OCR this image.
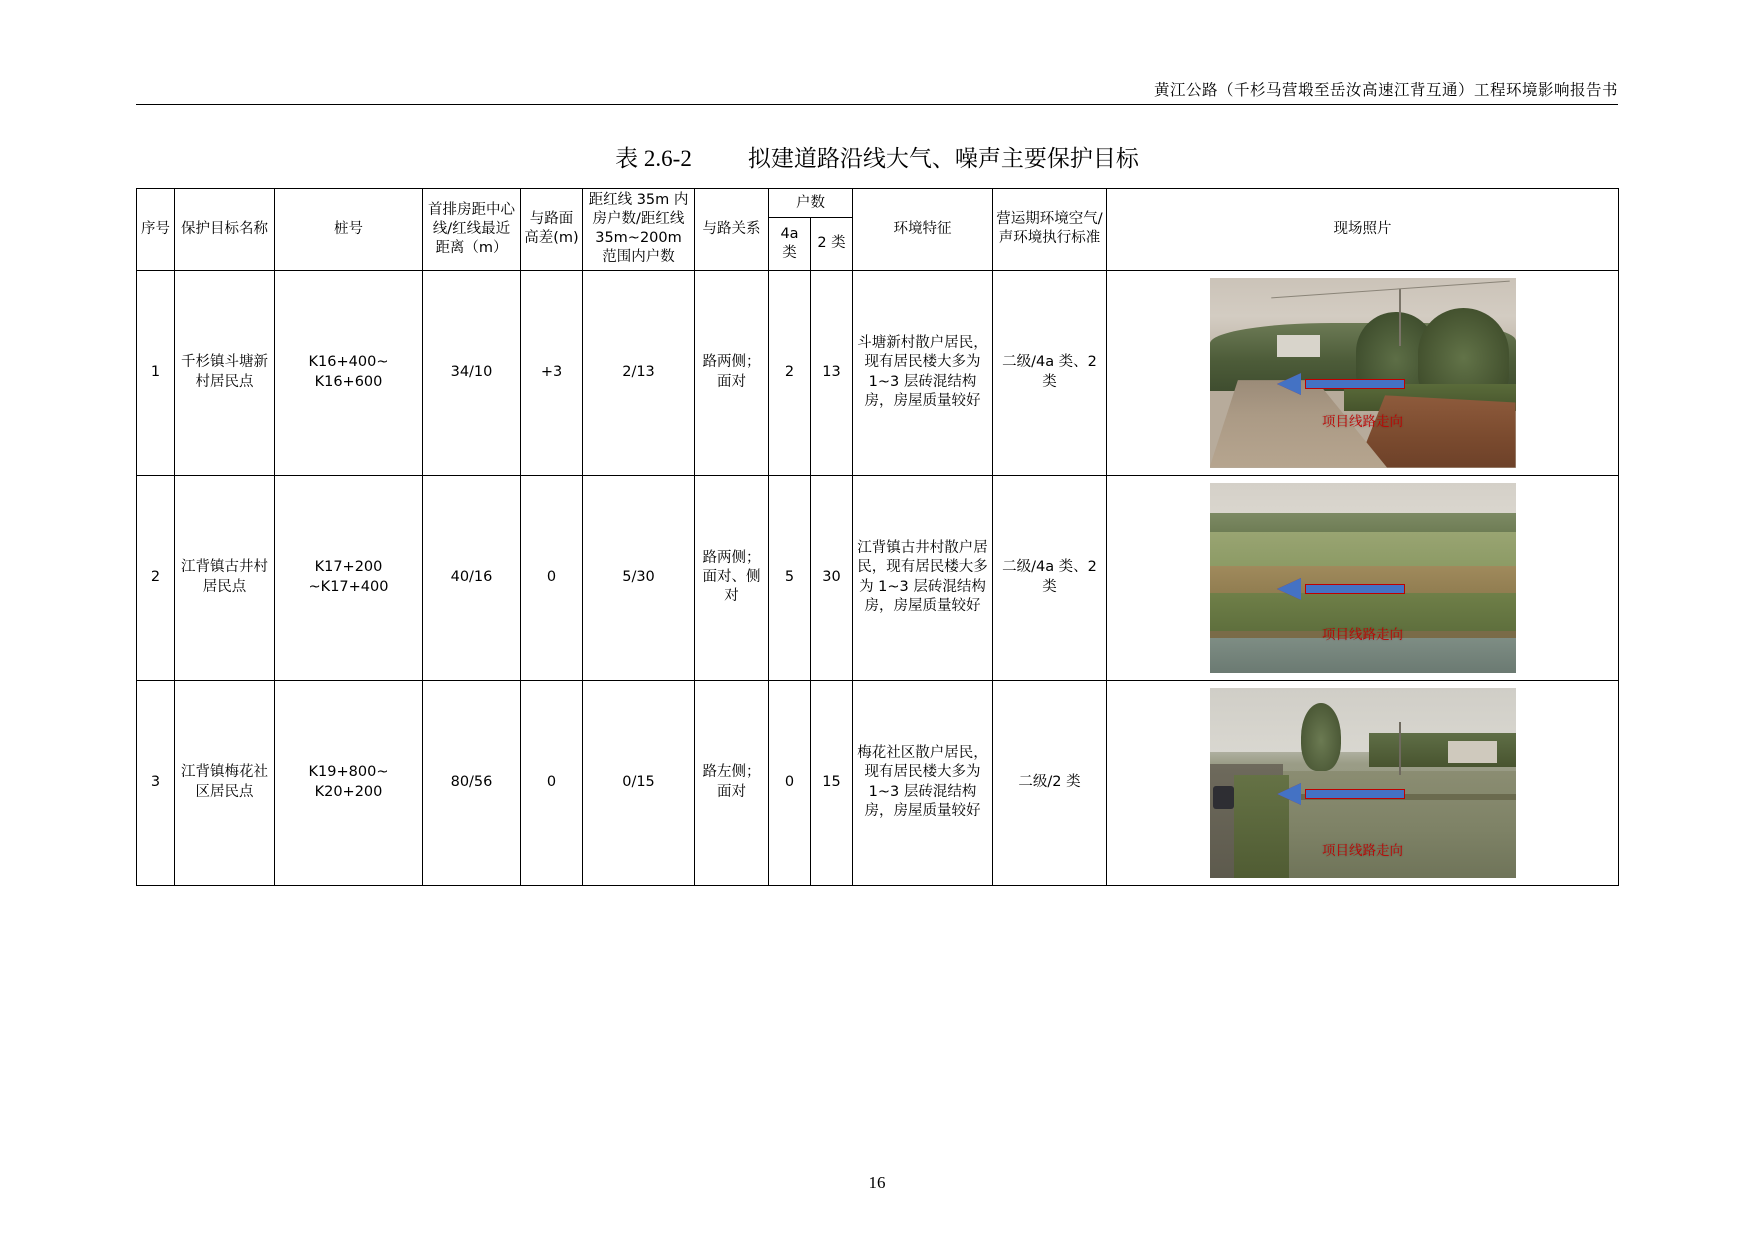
黄江公路（千杉马营塅至岳汝高速江背互通）工程环境影响报告书
表 2.6-2 拟建道路沿线大气、噪声主要保护目标
序号	保护目标名称	桩号	首排房距中心线/红线最近距离（m）	与路面高差(m)	距红线 35m 内房户数/距红线 35m~200m 范围内户数	与路关系	户数		环境特征	营运期环境空气/声环境执行标准	现场照片
							4a 类	2 类			
1	千杉镇斗塘新村居民点	K16+400~ K16+600	34/10	+3	2/13	路两侧；面对	2	13	斗塘新村散户居民，现有居民楼大多为 1~3 层砖混结构房，房屋质量较好	二级/4a 类、2 类	项目线路走向

2	江背镇古井村居民点	K17+200 ~K17+400	40/16	0	5/30	路两侧；面对、侧对	5	30	江背镇古井村散户居民，现有居民楼大多为 1~3 层砖混结构房，房屋质量较好	二级/4a 类、2 类	项目线路走向

3	江背镇梅花社区居民点	K19+800~ K20+200	80/56	0	0/15	路左侧；面对	0	15	梅花社区散户居民，现有居民楼大多为 1~3 层砖混结构房，房屋质量较好	二级/2 类	项目线路走向
16
